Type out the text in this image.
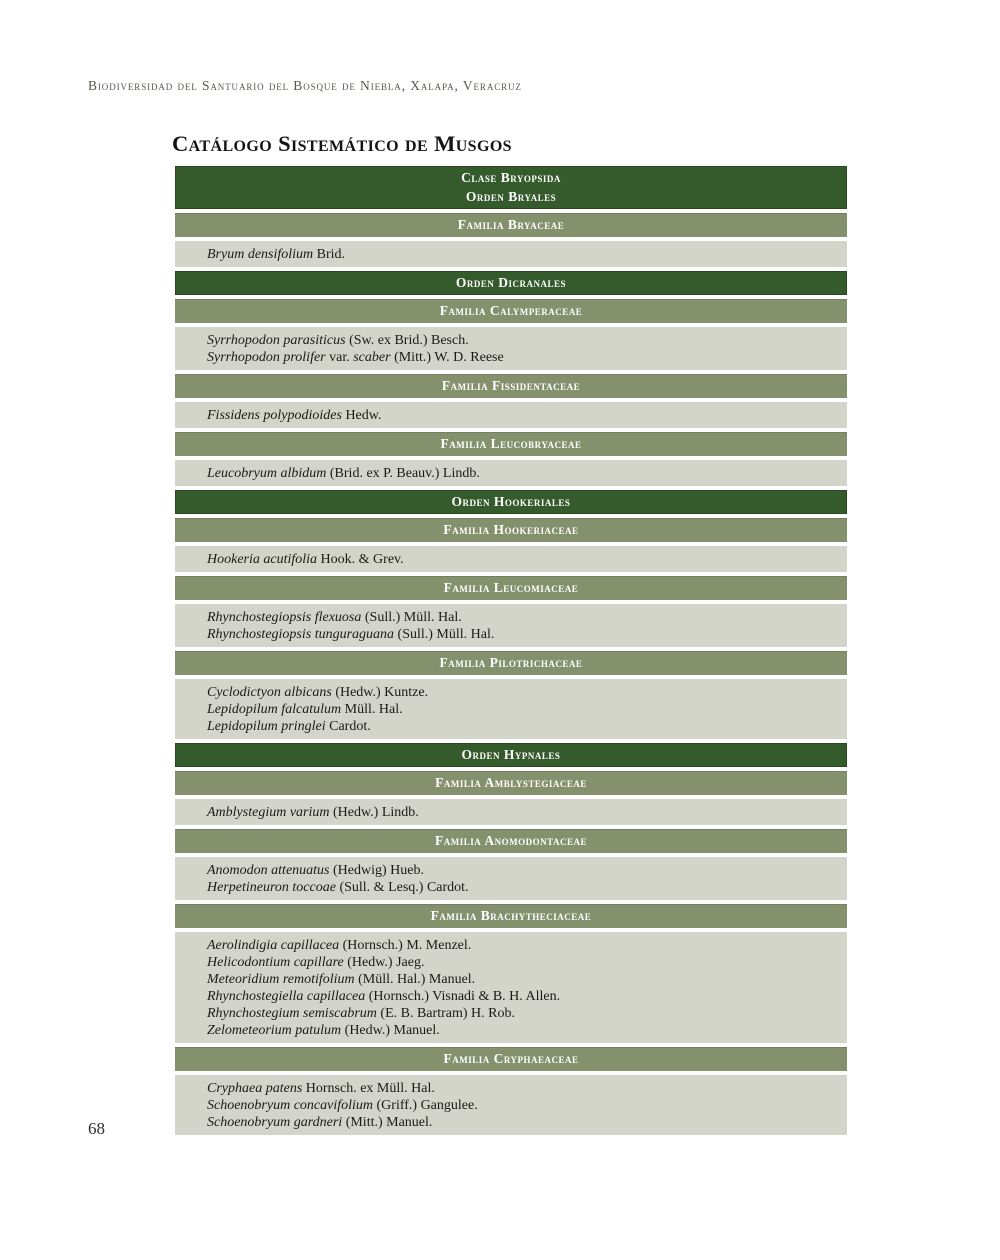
Biodiversidad del Santuario del Bosque de Niebla, Xalapa, Veracruz
Catálogo Sistemático de Musgos
Clase Bryopsida
Orden Bryales
Familia Bryaceae
Bryum densifolium Brid.
Orden Dicranales
Familia Calymperaceae
Syrrhopodon parasiticus (Sw. ex Brid.) Besch.
Syrrhopodon prolifer var. scaber (Mitt.) W. D. Reese
Familia Fissidentaceae
Fissidens polypodioides Hedw.
Familia Leucobryaceae
Leucobryum albidum (Brid. ex P. Beauv.) Lindb.
Orden Hookeriales
Familia Hookeriaceae
Hookeria acutifolia Hook. & Grev.
Familia Leucomiaceae
Rhynchostegiopsis flexuosa (Sull.) Müll. Hal.
Rhynchostegiopsis tunguraguana (Sull.) Müll. Hal.
Familia Pilotrichaceae
Cyclodictyon albicans (Hedw.) Kuntze.
Lepidopilum falcatulum Müll. Hal.
Lepidopilum pringlei Cardot.
Orden Hypnales
Familia Amblystegiaceae
Amblystegium varium (Hedw.) Lindb.
Familia Anomodontaceae
Anomodon attenuatus (Hedwig) Hueb.
Herpetineuron toccoae (Sull. & Lesq.) Cardot.
Familia Brachytheciaceae
Aerolindigia capillacea (Hornsch.) M. Menzel.
Helicodontium capillare (Hedw.) Jaeg.
Meteoridium remotifolium (Müll. Hal.) Manuel.
Rhynchostegiella capillacea (Hornsch.) Visnadi & B. H. Allen.
Rhynchostegium semiscabrum (E. B. Bartram) H. Rob.
Zelometeorium patulum (Hedw.) Manuel.
Familia Cryphaeaceae
Cryphaea patens Hornsch. ex Müll. Hal.
Schoenobryum concavifolium (Griff.) Gangulee.
Schoenobryum gardneri (Mitt.) Manuel.
68
